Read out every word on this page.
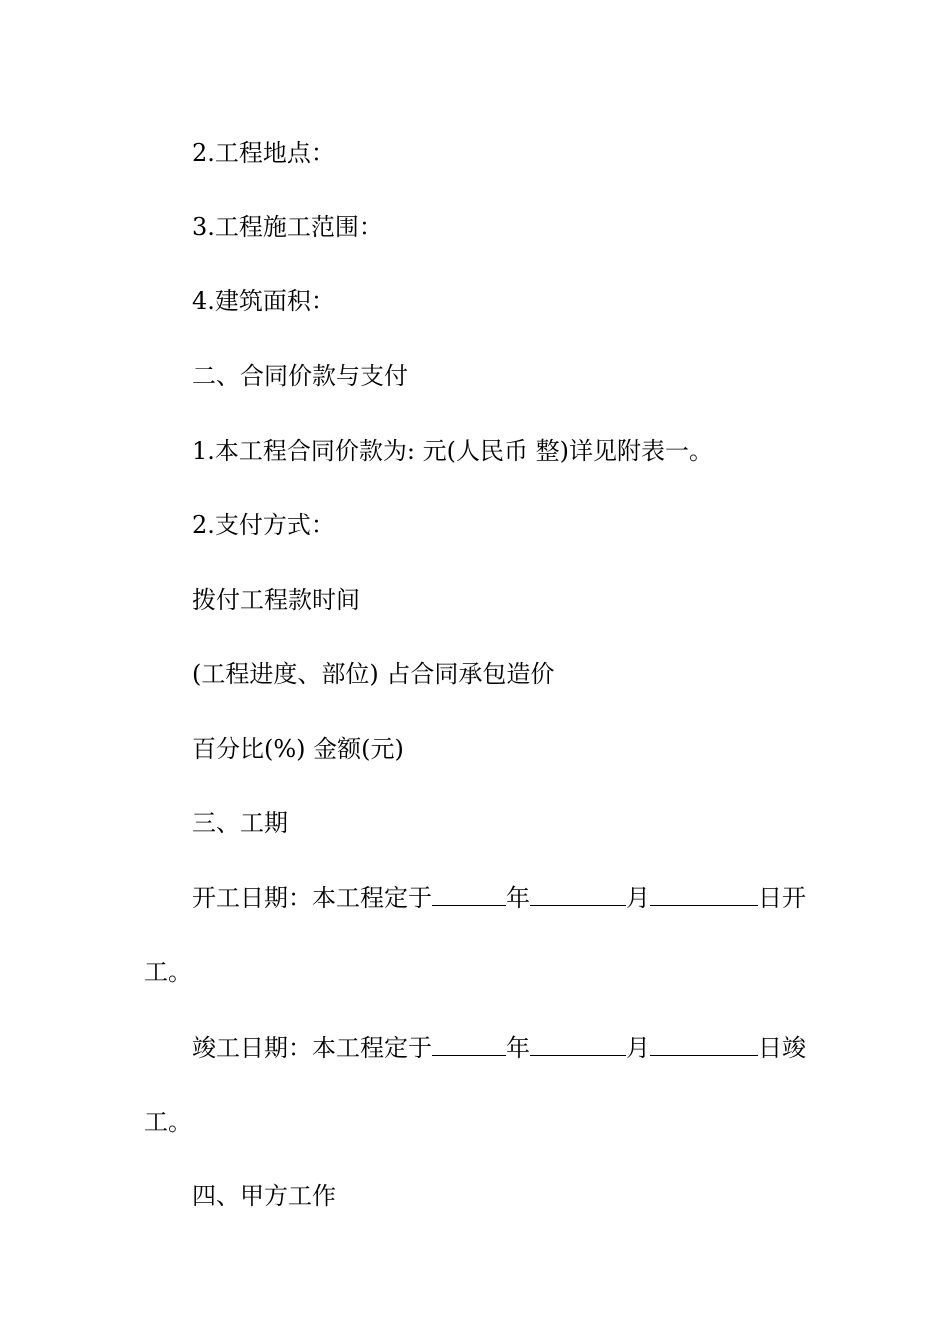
2.工程地点：
3.工程施工范围：
4.建筑面积：
二、合同价款与支付
1.本工程合同价款为: 元(人民币 整)详见附表一。
2.支付方式：
拨付工程款时间
(工程进度、部位) 占合同承包造价
百分比(%) 金额(元)
三、工期
开工日期：本工程定于	年	月	日开
工。
竣工日期：本工程定于	年	月	日竣
工。
四、甲方工作
